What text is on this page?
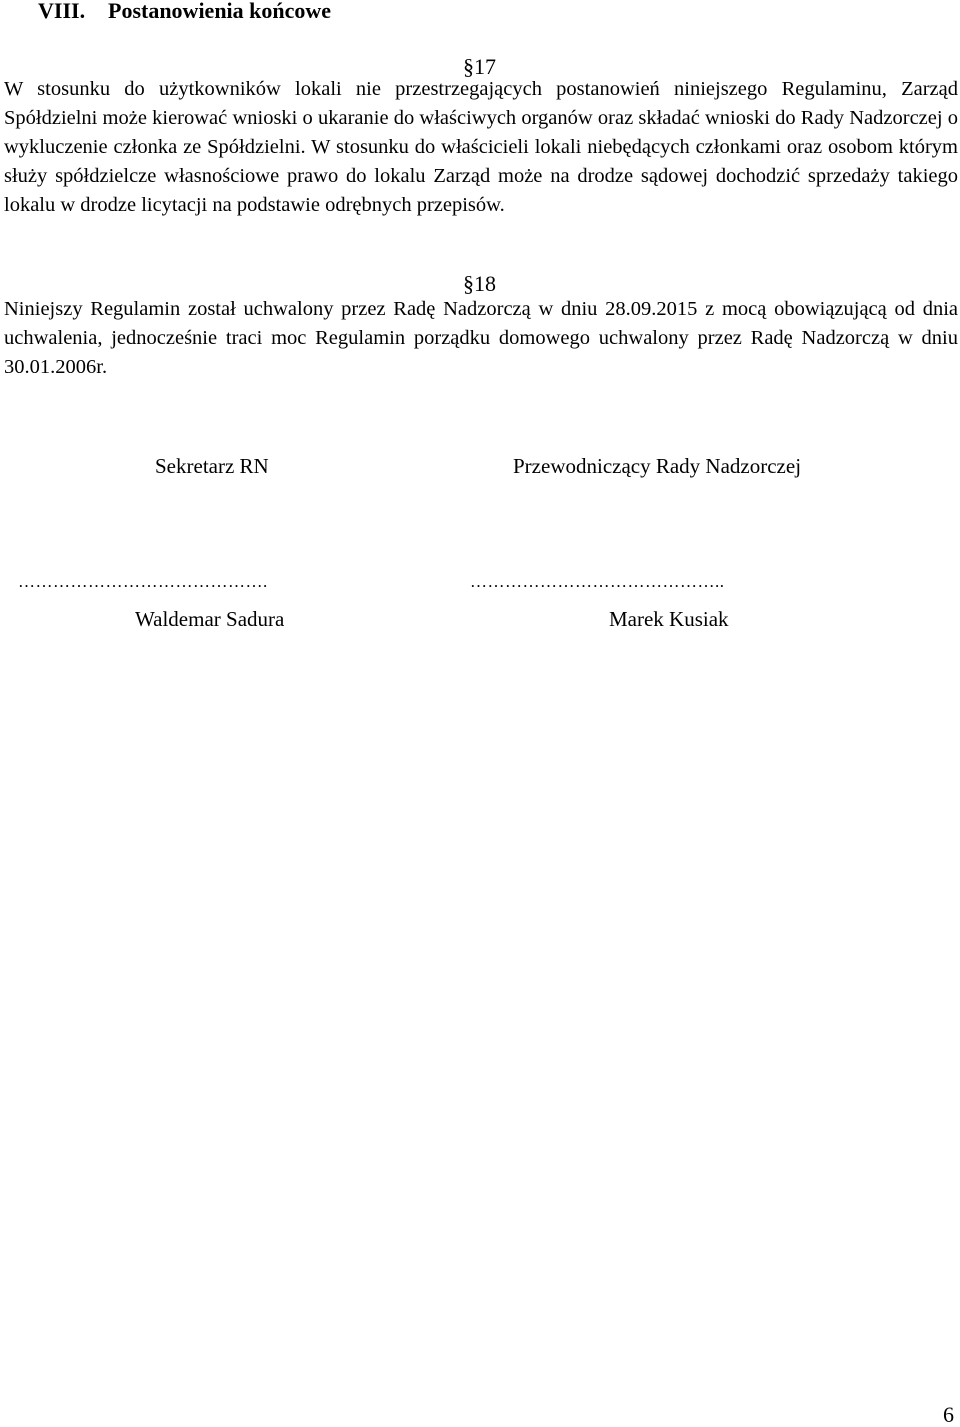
VIII. Postanowienia końcowe
§17
W stosunku do użytkowników lokali nie przestrzegających postanowień niniejszego Regulaminu, Zarząd Spółdzielni może kierować wnioski o ukaranie do właściwych organów oraz składać wnioski do Rady Nadzorczej o wykluczenie członka ze Spółdzielni. W stosunku do właścicieli lokali niebędących członkami oraz osobom którym służy spółdzielcze własnościowe prawo do lokalu Zarząd może na drodze sądowej dochodzić sprzedaży takiego lokalu w drodze licytacji na podstawie odrębnych przepisów.
§18
Niniejszy Regulamin został uchwalony przez Radę Nadzorczą w dniu 28.09.2015 z mocą obowiązującą od dnia uchwalenia, jednocześnie traci moc Regulamin porządku domowego uchwalony przez Radę Nadzorczą w dniu 30.01.2006r.
Sekretarz RN	Przewodniczący Rady Nadzorczej
…………………………………….	……………………………………..
Waldemar Sadura	Marek Kusiak
6
